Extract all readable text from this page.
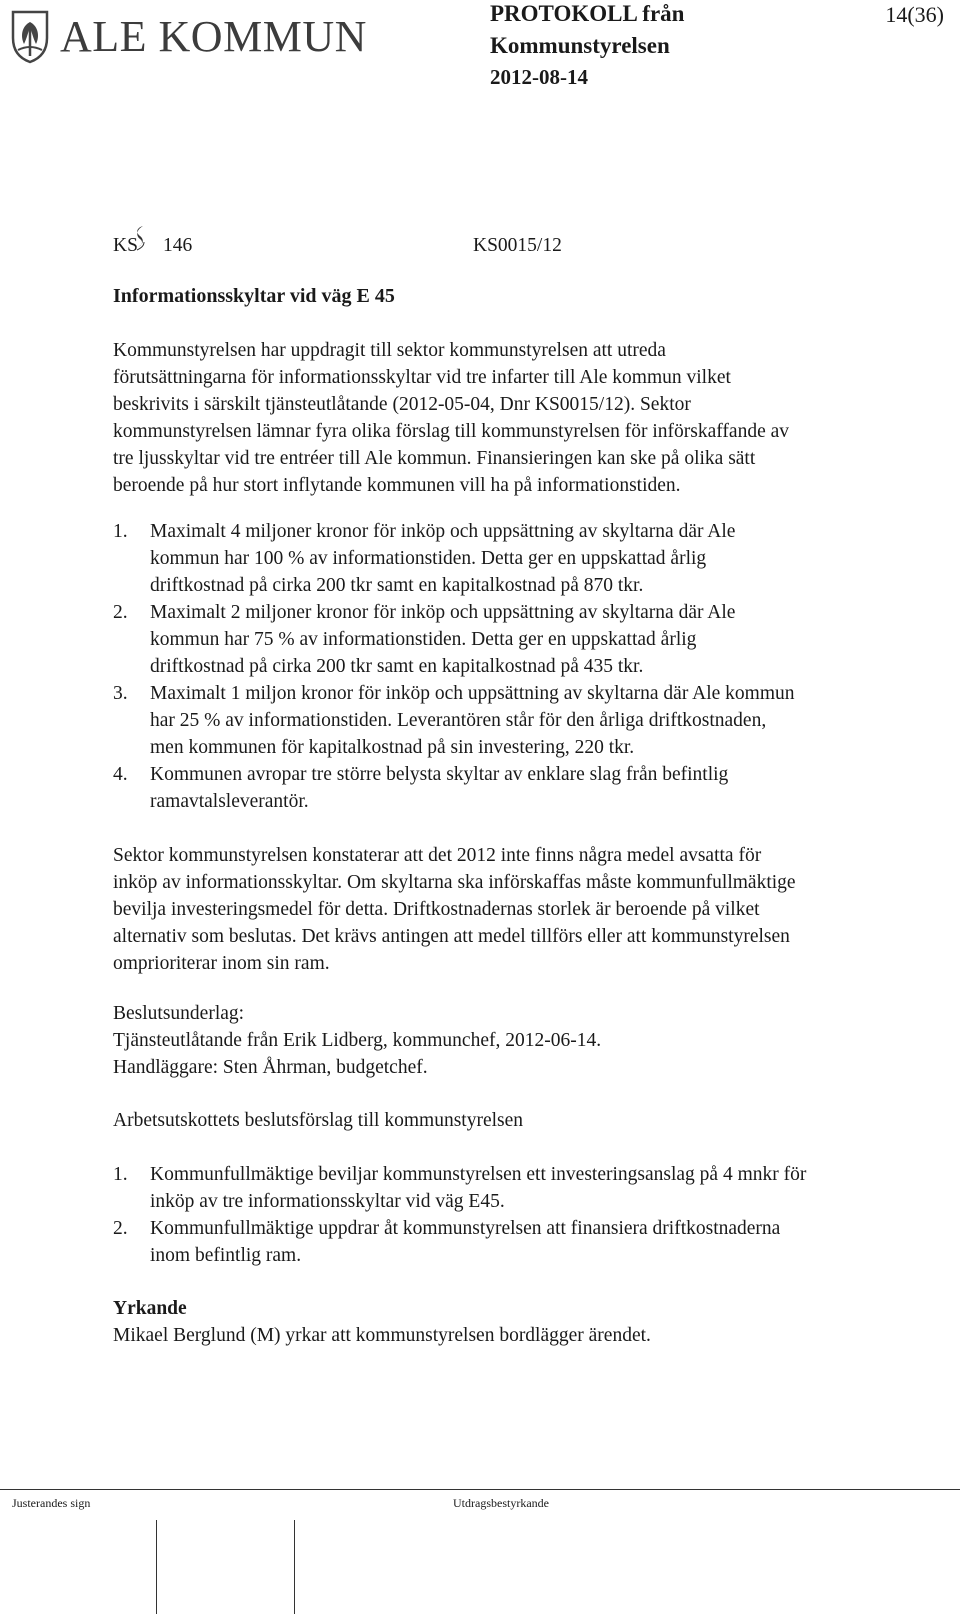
ALE KOMMUN	PROTOKOLL från
Kommunstyrelsen
2012-08-14
14(36)
KS 146	KS0015/12
Informationsskyltar vid väg E 45
Kommunstyrelsen har uppdragit till sektor kommunstyrelsen att utreda
förutsättningarna för informationsskyltar vid tre infarter till Ale kommun vilket
beskrivits i särskilt tjänsteutlåtande (2012-05-04, Dnr KS0015/12). Sektor
kommunstyrelsen lämnar fyra olika förslag till kommunstyrelsen för införskaffande av
tre ljusskyltar vid tre entréer till Ale kommun. Finansieringen kan ske på olika sätt
beroende på hur stort inflytande kommunen vill ha på informationstiden.
1. Maximalt 4 miljoner kronor för inköp och uppsättning av skyltarna där Ale
kommun har 100 % av informationstiden. Detta ger en uppskattad årlig
driftkostnad på cirka 200 tkr samt en kapitalkostnad på 870 tkr.
2. Maximalt 2 miljoner kronor för inköp och uppsättning av skyltarna där Ale
kommun har 75 % av informationstiden. Detta ger en uppskattad årlig
driftkostnad på cirka 200 tkr samt en kapitalkostnad på 435 tkr.
3. Maximalt 1 miljon kronor för inköp och uppsättning av skyltarna där Ale kommun
har 25 % av informationstiden. Leverantören står för den årliga driftkostnaden,
men kommunen för kapitalkostnad på sin investering, 220 tkr.
4. Kommunen avropar tre större belysta skyltar av enklare slag från befintlig
ramavtalsleverantör.
Sektor kommunstyrelsen konstaterar att det 2012 inte finns några medel avsatta för
inköp av informationsskyltar. Om skyltarna ska införskaffas måste kommunfullmäktige
bevilja investeringsmedel för detta. Driftkostnadernas storlek är beroende på vilket
alternativ som beslutas. Det krävs antingen att medel tillförs eller att kommunstyrelsen
omprioriterar inom sin ram.
Beslutsunderlag:
Tjänsteutlåtande från Erik Lidberg, kommunchef, 2012-06-14.
Handläggare: Sten Åhrman, budgetchef.
Arbetsutskottets beslutsförslag till kommunstyrelsen
1. Kommunfullmäktige beviljar kommunstyrelsen ett investeringsanslag på 4 mnkr för
inköp av tre informationsskyltar vid väg E45.
2. Kommunfullmäktige uppdrar åt kommunstyrelsen att finansiera driftkostnaderna
inom befintlig ram.
Yrkande
Mikael Berglund (M) yrkar att kommunstyrelsen bordlägger ärendet.
Justerandes sign	Utdragsbestyrkande
